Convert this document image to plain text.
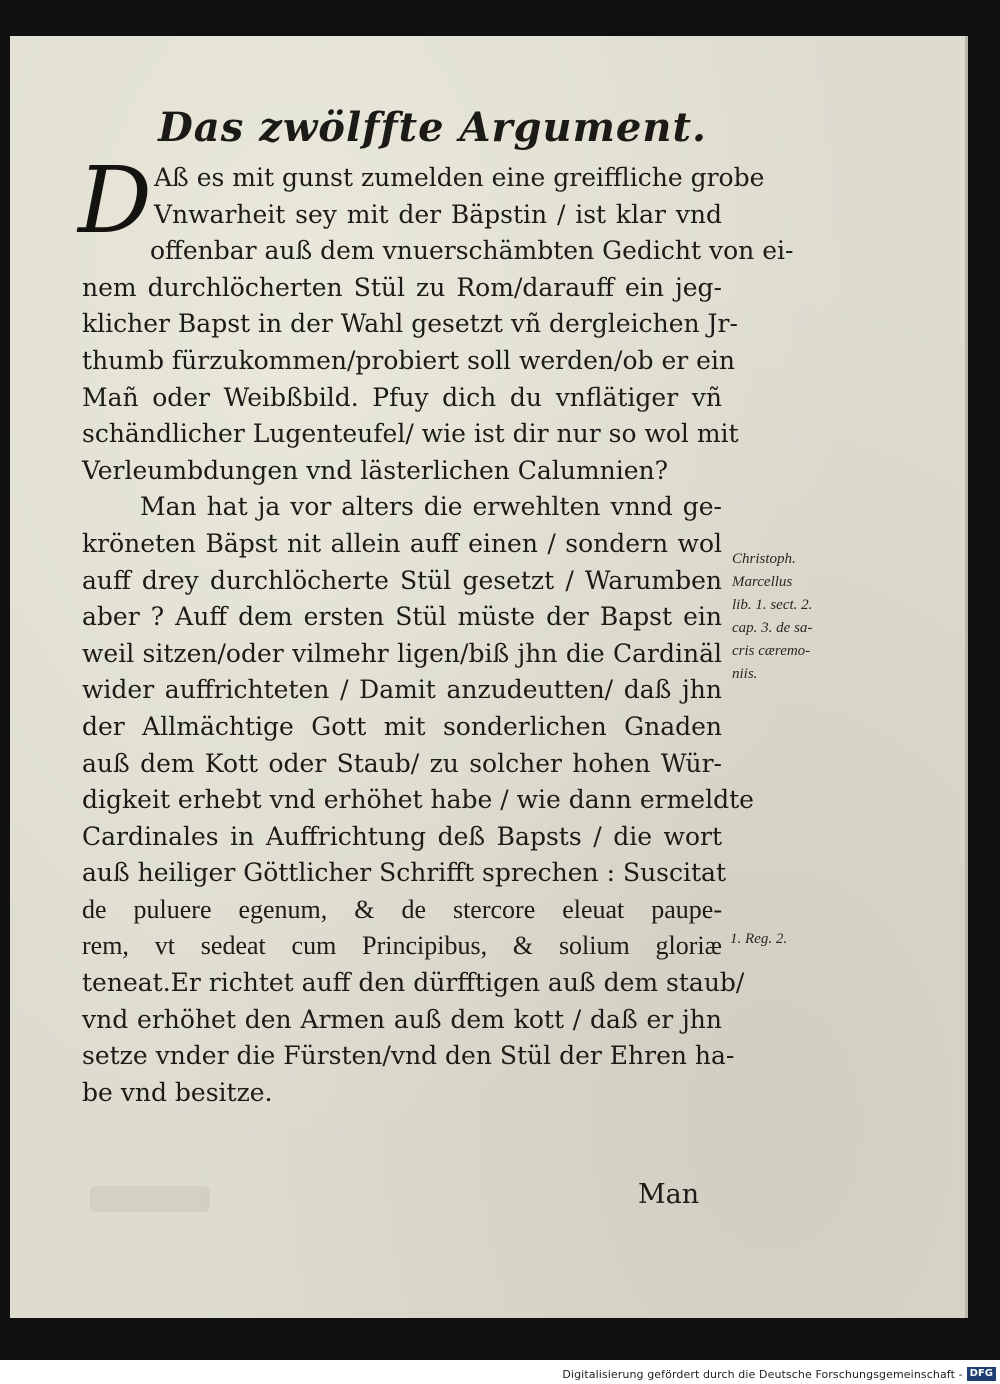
Das zwölffte Argument.
D Aß es mit gunst zumelden eine greiffliche grobe
Vnwarheit sey mit der Bäpstin / ist klar vnd
offenbar auß dem vnuerschämbten Gedicht von ei-
nem durchlöcherten Stül zu Rom/darauff ein jeg-
klicher Bapst in der Wahl gesetzt vñ dergleichen Jr-
thumb fürzukommen/probiert soll werden/ob er ein
Mañ oder Weibßbild. Pfuy dich du vnflätiger vñ
schändlicher Lugenteufel/ wie ist dir nur so wol mit
Verleumbdungen vnd lästerlichen Calumnien?
Man hat ja vor alters die erwehlten vnnd ge-
kröneten Bäpst nit allein auff einen / sondern wol
auff drey durchlöcherte Stül gesetzt / Warumben
aber ? Auff dem ersten Stül müste der Bapst ein
weil sitzen/oder vilmehr ligen/biß jhn die Cardinäl
wider auffrichteten / Damit anzudeutten/ daß jhn
der Allmächtige Gott mit sonderlichen Gnaden
auß dem Kott oder Staub/ zu solcher hohen Wür-
digkeit erhebt vnd erhöhet habe / wie dann ermeldte
Cardinales in Auffrichtung deß Bapsts / die wort
auß heiliger Göttlicher Schrifft sprechen : Suscitat
de puluere egenum, & de stercore eleuat paupe-
rem, vt sedeat cum Principibus, & solium gloriæ
teneat.Er richtet auff den dürfftigen auß dem staub/
vnd erhöhet den Armen auß dem kott / daß er jhn
setze vnder die Fürsten/vnd den Stül der Ehren ha-
be vnd besitze.
Christoph.
Marcellus
lib. 1. sect. 2.
cap. 3. de sa-
cris cæremo-
niis.
1. Reg. 2.
Man
Digitalisierung gefördert durch die Deutsche Forschungsgemeinschaft - DFG
